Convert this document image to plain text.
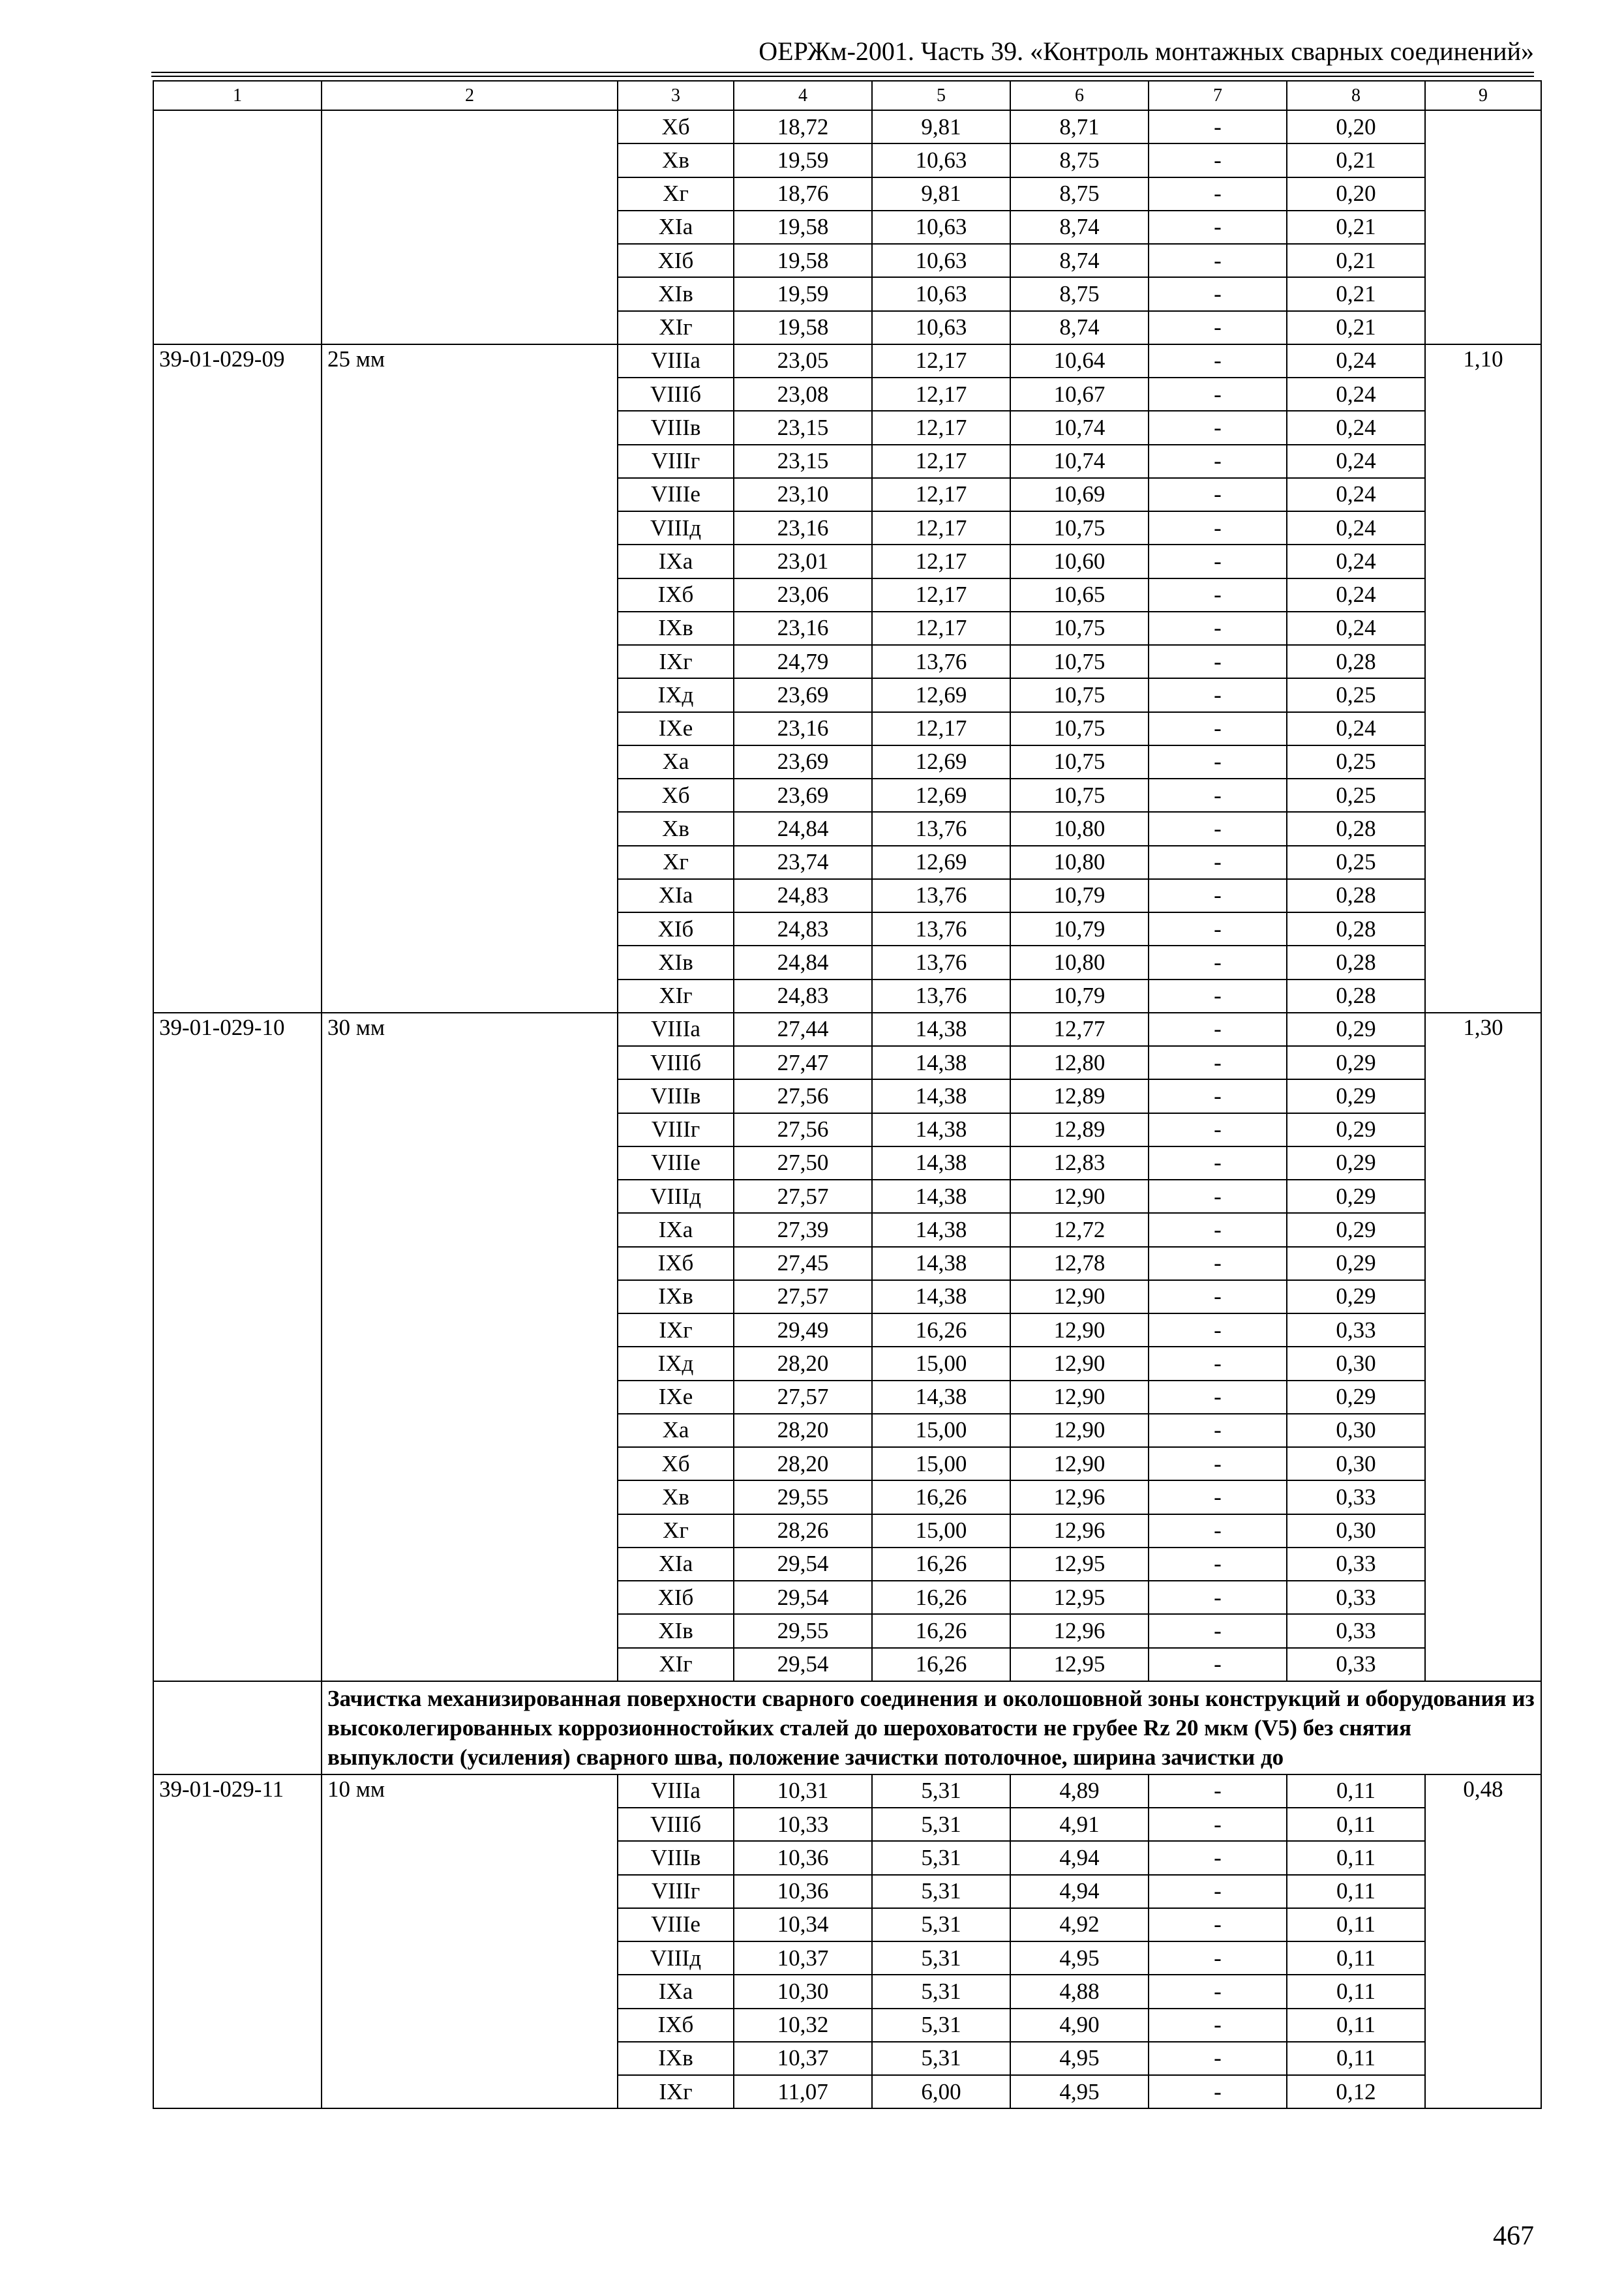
ОЕРЖм-2001. Часть 39. «Контроль монтажных сварных соединений»
1	2	3	4	5	6	7	8	9
		Xб	18,72	9,81	8,71	-	0,20	
		Xв	19,59	10,63	8,75	-	0,21	
		Xг	18,76	9,81	8,75	-	0,20	
		XIа	19,58	10,63	8,74	-	0,21	
		XIб	19,58	10,63	8,74	-	0,21	
		XIв	19,59	10,63	8,75	-	0,21	
		XIг	19,58	10,63	8,74	-	0,21	
39-01-029-09	25 мм	VIIIа	23,05	12,17	10,64	-	0,24	1,10
		VIIIб	23,08	12,17	10,67	-	0,24	
		VIIIв	23,15	12,17	10,74	-	0,24	
		VIIIг	23,15	12,17	10,74	-	0,24	
		VIIIе	23,10	12,17	10,69	-	0,24	
		VIIIд	23,16	12,17	10,75	-	0,24	
		IXа	23,01	12,17	10,60	-	0,24	
		IXб	23,06	12,17	10,65	-	0,24	
		IXв	23,16	12,17	10,75	-	0,24	
		IXг	24,79	13,76	10,75	-	0,28	
		IXд	23,69	12,69	10,75	-	0,25	
		IXе	23,16	12,17	10,75	-	0,24	
		Xа	23,69	12,69	10,75	-	0,25	
		Xб	23,69	12,69	10,75	-	0,25	
		Xв	24,84	13,76	10,80	-	0,28	
		Xг	23,74	12,69	10,80	-	0,25	
		XIа	24,83	13,76	10,79	-	0,28	
		XIб	24,83	13,76	10,79	-	0,28	
		XIв	24,84	13,76	10,80	-	0,28	
		XIг	24,83	13,76	10,79	-	0,28	
39-01-029-10	30 мм	VIIIа	27,44	14,38	12,77	-	0,29	1,30
		VIIIб	27,47	14,38	12,80	-	0,29	
		VIIIв	27,56	14,38	12,89	-	0,29	
		VIIIг	27,56	14,38	12,89	-	0,29	
		VIIIе	27,50	14,38	12,83	-	0,29	
		VIIIд	27,57	14,38	12,90	-	0,29	
		IXа	27,39	14,38	12,72	-	0,29	
		IXб	27,45	14,38	12,78	-	0,29	
		IXв	27,57	14,38	12,90	-	0,29	
		IXг	29,49	16,26	12,90	-	0,33	
		IXд	28,20	15,00	12,90	-	0,30	
		IXе	27,57	14,38	12,90	-	0,29	
		Xа	28,20	15,00	12,90	-	0,30	
		Xб	28,20	15,00	12,90	-	0,30	
		Xв	29,55	16,26	12,96	-	0,33	
		Xг	28,26	15,00	12,96	-	0,30	
		XIа	29,54	16,26	12,95	-	0,33	
		XIб	29,54	16,26	12,95	-	0,33	
		XIв	29,55	16,26	12,96	-	0,33	
		XIг	29,54	16,26	12,95	-	0,33	
	Зачистка механизированная поверхности сварного соединения и околошовной зоны конструкций и оборудования из высоколегированных коррозионностойких сталей до шероховатости не грубее Rz 20 мкм (V5) без снятия выпуклости (усиления) сварного шва, положение зачистки потолочное, ширина зачистки до							
39-01-029-11	10 мм	VIIIа	10,31	5,31	4,89	-	0,11	0,48
		VIIIб	10,33	5,31	4,91	-	0,11	
		VIIIв	10,36	5,31	4,94	-	0,11	
		VIIIг	10,36	5,31	4,94	-	0,11	
		VIIIе	10,34	5,31	4,92	-	0,11	
		VIIIд	10,37	5,31	4,95	-	0,11	
		IXа	10,30	5,31	4,88	-	0,11	
		IXб	10,32	5,31	4,90	-	0,11	
		IXв	10,37	5,31	4,95	-	0,11	
		IXг	11,07	6,00	4,95	-	0,12	
467
